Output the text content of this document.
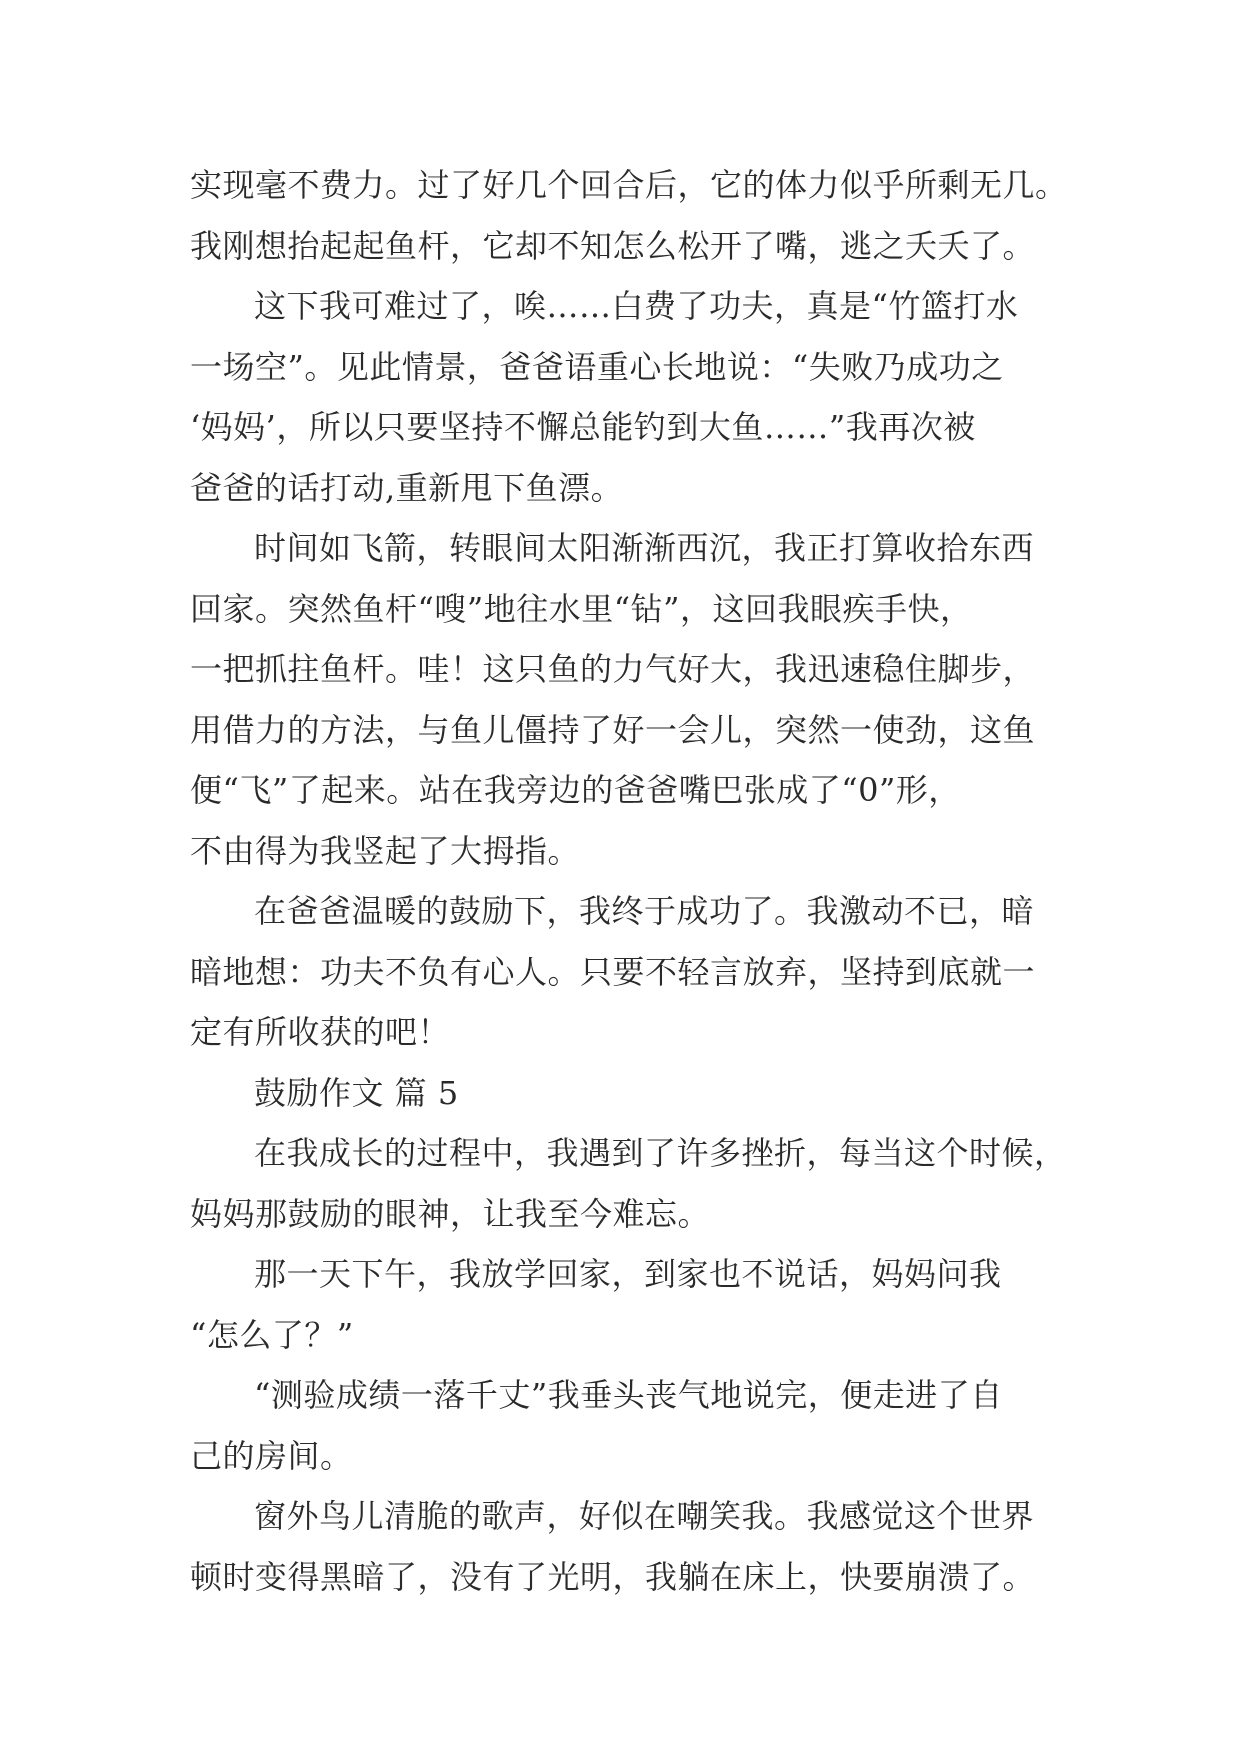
实现毫不费力。过了好几个回合后，它的体力似乎所剩无几。
我刚想抬起起鱼杆，它却不知怎么松开了嘴，逃之夭夭了。
这下我可难过了，唉……白费了功夫，真是“竹篮打水
一场空”。见此情景，爸爸语重心长地说：“失败乃成功之
‘妈妈’，所以只要坚持不懈总能钓到大鱼……”我再次被
爸爸的话打动,重新甩下鱼漂。
时间如飞箭，转眼间太阳渐渐西沉，我正打算收拾东西
回家。突然鱼杆“嗖”地往水里“钻”，这回我眼疾手快，
一把抓拄鱼杆。哇！这只鱼的力气好大，我迅速稳住脚步，
用借力的方法，与鱼儿僵持了好一会儿，突然一使劲，这鱼
便“飞”了起来。站在我旁边的爸爸嘴巴张成了“0”形，
不由得为我竖起了大拇指。
在爸爸温暖的鼓励下，我终于成功了。我激动不已，暗
暗地想：功夫不负有心人。只要不轻言放弃，坚持到底就一
定有所收获的吧！
鼓励作文 篇 5
在我成长的过程中，我遇到了许多挫折，每当这个时候，
妈妈那鼓励的眼神，让我至今难忘。
那一天下午，我放学回家，到家也不说话，妈妈问我
“怎么了？”
“测验成绩一落千丈”我垂头丧气地说完，便走进了自
己的房间。
窗外鸟儿清脆的歌声，好似在嘲笑我。我感觉这个世界
顿时变得黑暗了，没有了光明，我躺在床上，快要崩溃了。
